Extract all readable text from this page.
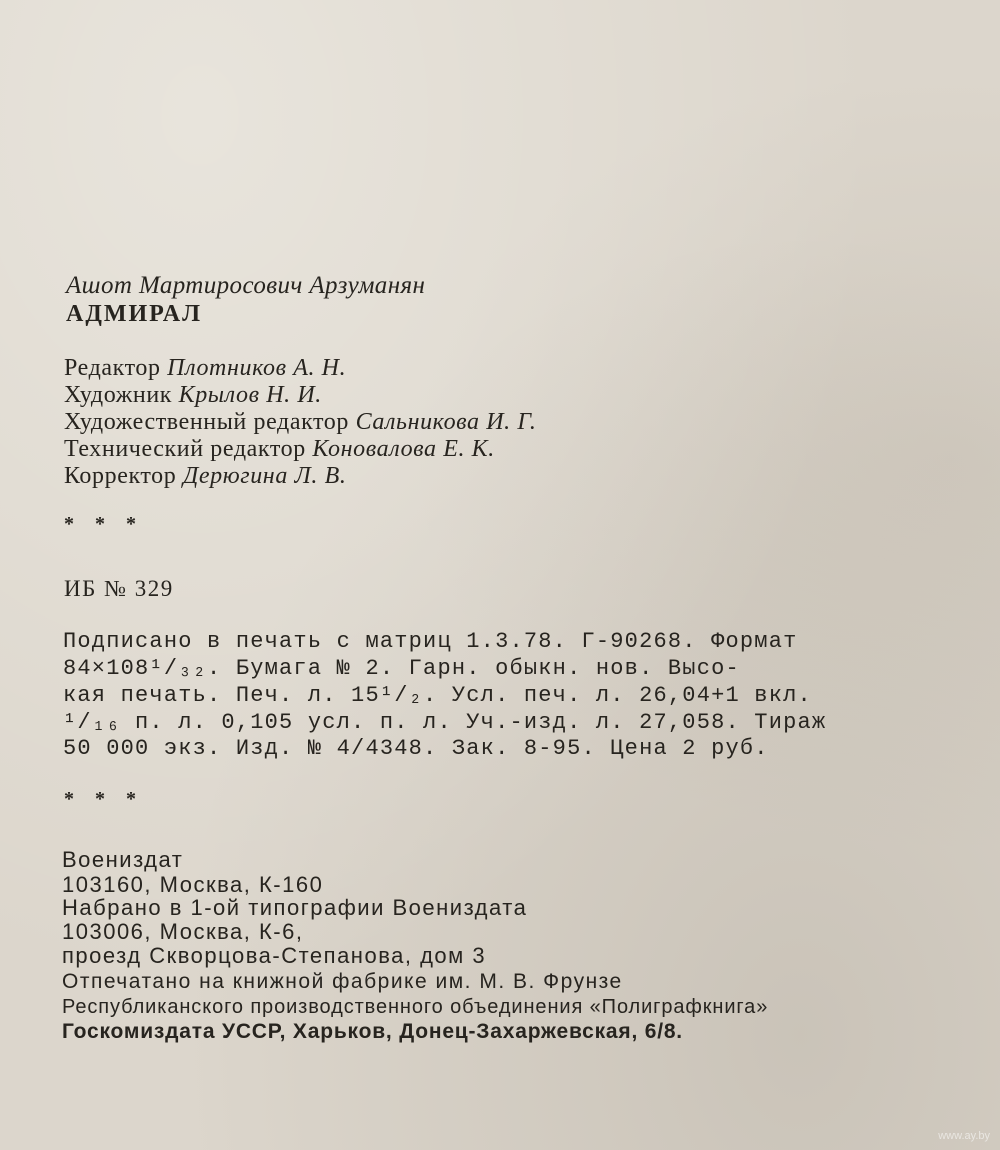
Ашот Мартиросович Арзуманян
АДМИРАЛ
Редактор Плотников А. Н.
Художник Крылов Н. И.
Художественный редактор Сальникова И. Г.
Технический редактор Коновалова Е. К.
Корректор Дерюгина Л. В.
* * *
ИБ № 329
Подписано в печать с матриц 1.3.78. Г-90268. Формат
84×108¹/₃₂. Бумага № 2. Гарн. обыкн. нов. Высо-
кая печать. Печ. л. 15¹/₂. Усл. печ. л. 26,04+1 вкл.
¹/₁₆ п. л. 0,105 усл. п. л. Уч.-изд. л. 27,058. Тираж
50 000 экз. Изд. № 4/4348. Зак. 8-95. Цена 2 руб.
* * *
Воениздат
103160, Москва, К-160
Набрано в 1-ой типографии Воениздата
103006, Москва, К-6,
проезд Скворцова-Степанова, дом 3
Отпечатано на книжной фабрике им. М. В. Фрунзе
Республиканского производственного объединения «Полиграфкнига»
Госкомиздата УССР, Харьков, Донец-Захаржевская, 6/8.
www.ay.by
